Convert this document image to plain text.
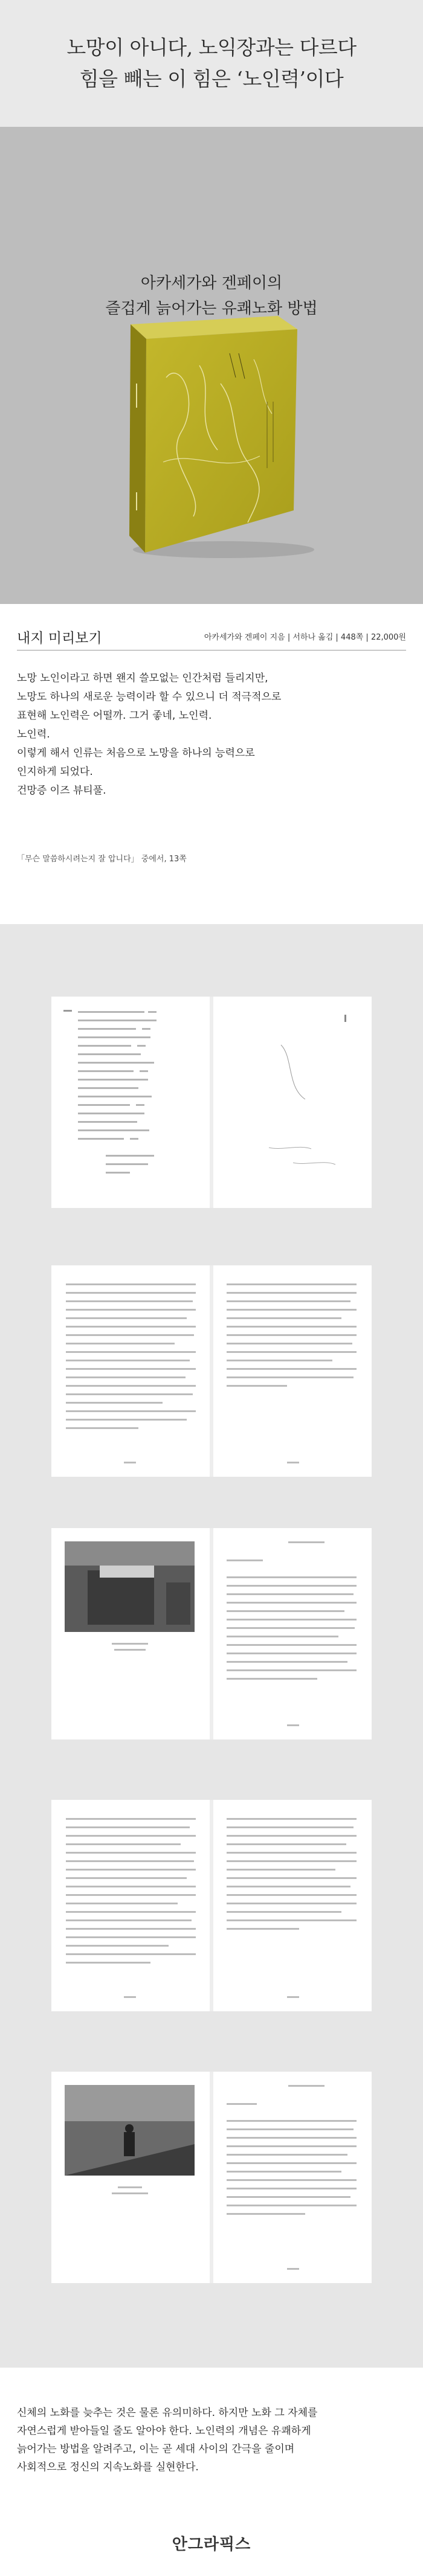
노망이 아니다, 노익장과는 다르다
힘을 빼는 이 힘은 ‘노인력’이다
아카세가와 겐페이의
즐겁게 늙어가는 유쾌노화 방법
내지 미리보기	아카세가와 겐페이 지음 | 서하나 옮김 | 448쪽 | 22,000원
노망 노인이라고 하면 왠지 쓸모없는 인간처럼 들리지만,
노망도 하나의 새로운 능력이라 할 수 있으니 더 적극적으로
표현해 노인력은 어떨까. 그거 좋네, 노인력.
노인력.
이렇게 해서 인류는 처음으로 노망을 하나의 능력으로
인지하게 되었다.
건망증 이즈 뷰티풀.
「무슨 말씀하시려는지 잘 압니다」 중에서, 13쪽
신체의 노화를 늦추는 것은 물론 유의미하다. 하지만 노화 그 자체를
자연스럽게 받아들일 줄도 알아야 한다. 노인력의 개념은 유쾌하게
늙어가는 방법을 알려주고, 이는 곧 세대 사이의 간극을 줄이며
사회적으로 정신의 지속노화를 실현한다.
안그라픽스
